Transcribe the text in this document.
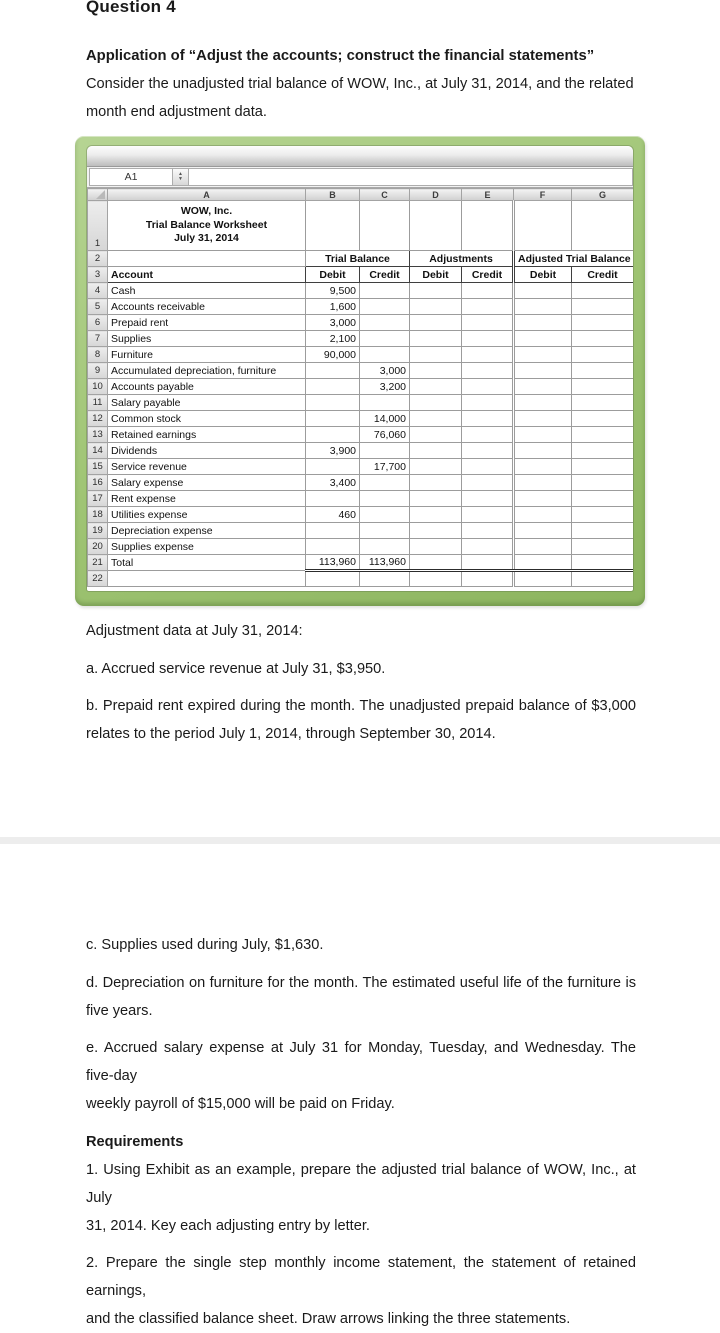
Question 4

Application of “Adjust the accounts; construct the financial statements”

Consider the unadjusted trial balance of WOW, Inc., at July 31, 2014, and the related
month end adjustment data.

A1	▲
▼
	A	B	C	D	E	F	G
1	WOW, Inc.
Trial Balance Worksheet
July 31, 2014						

2		Trial Balance		Adjustments		Adjusted Trial Balance	
3	Account	Debit	Credit	Debit	Credit	Debit	Credit
4	Cash	9,500					
5	Accounts receivable	1,600					
6	Prepaid rent	3,000					
7	Supplies	2,100					
8	Furniture	90,000					
9	Accumulated depreciation, furniture		3,000				
10	Accounts payable		3,200				
11	Salary payable						
12	Common stock		14,000				
13	Retained earnings		76,060				
14	Dividends	3,900					
15	Service revenue		17,700				
16	Salary expense	3,400					
17	Rent expense						
18	Utilities expense	460					
19	Depreciation expense						
20	Supplies expense						
21	Total	113,960	113,960				
22							

Adjustment data at July 31, 2014:

a. Accrued service revenue at July 31, $3,950.

b. Prepaid rent expired during the month. The unadjusted prepaid balance of $3,000
relates to the period July 1, 2014, through September 30, 2014.

c. Supplies used during July, $1,630.

d. Depreciation on furniture for the month. The estimated useful life of the furniture is
five years.

e. Accrued salary expense at July 31 for Monday, Tuesday, and Wednesday. The five-day
weekly payroll of $15,000 will be paid on Friday.

Requirements

1. Using Exhibit as an example, prepare the adjusted trial balance of WOW, Inc., at July
31, 2014. Key each adjusting entry by letter.

2. Prepare the single step monthly income statement, the statement of retained earnings,
and the classified balance sheet. Draw arrows linking the three statements.
